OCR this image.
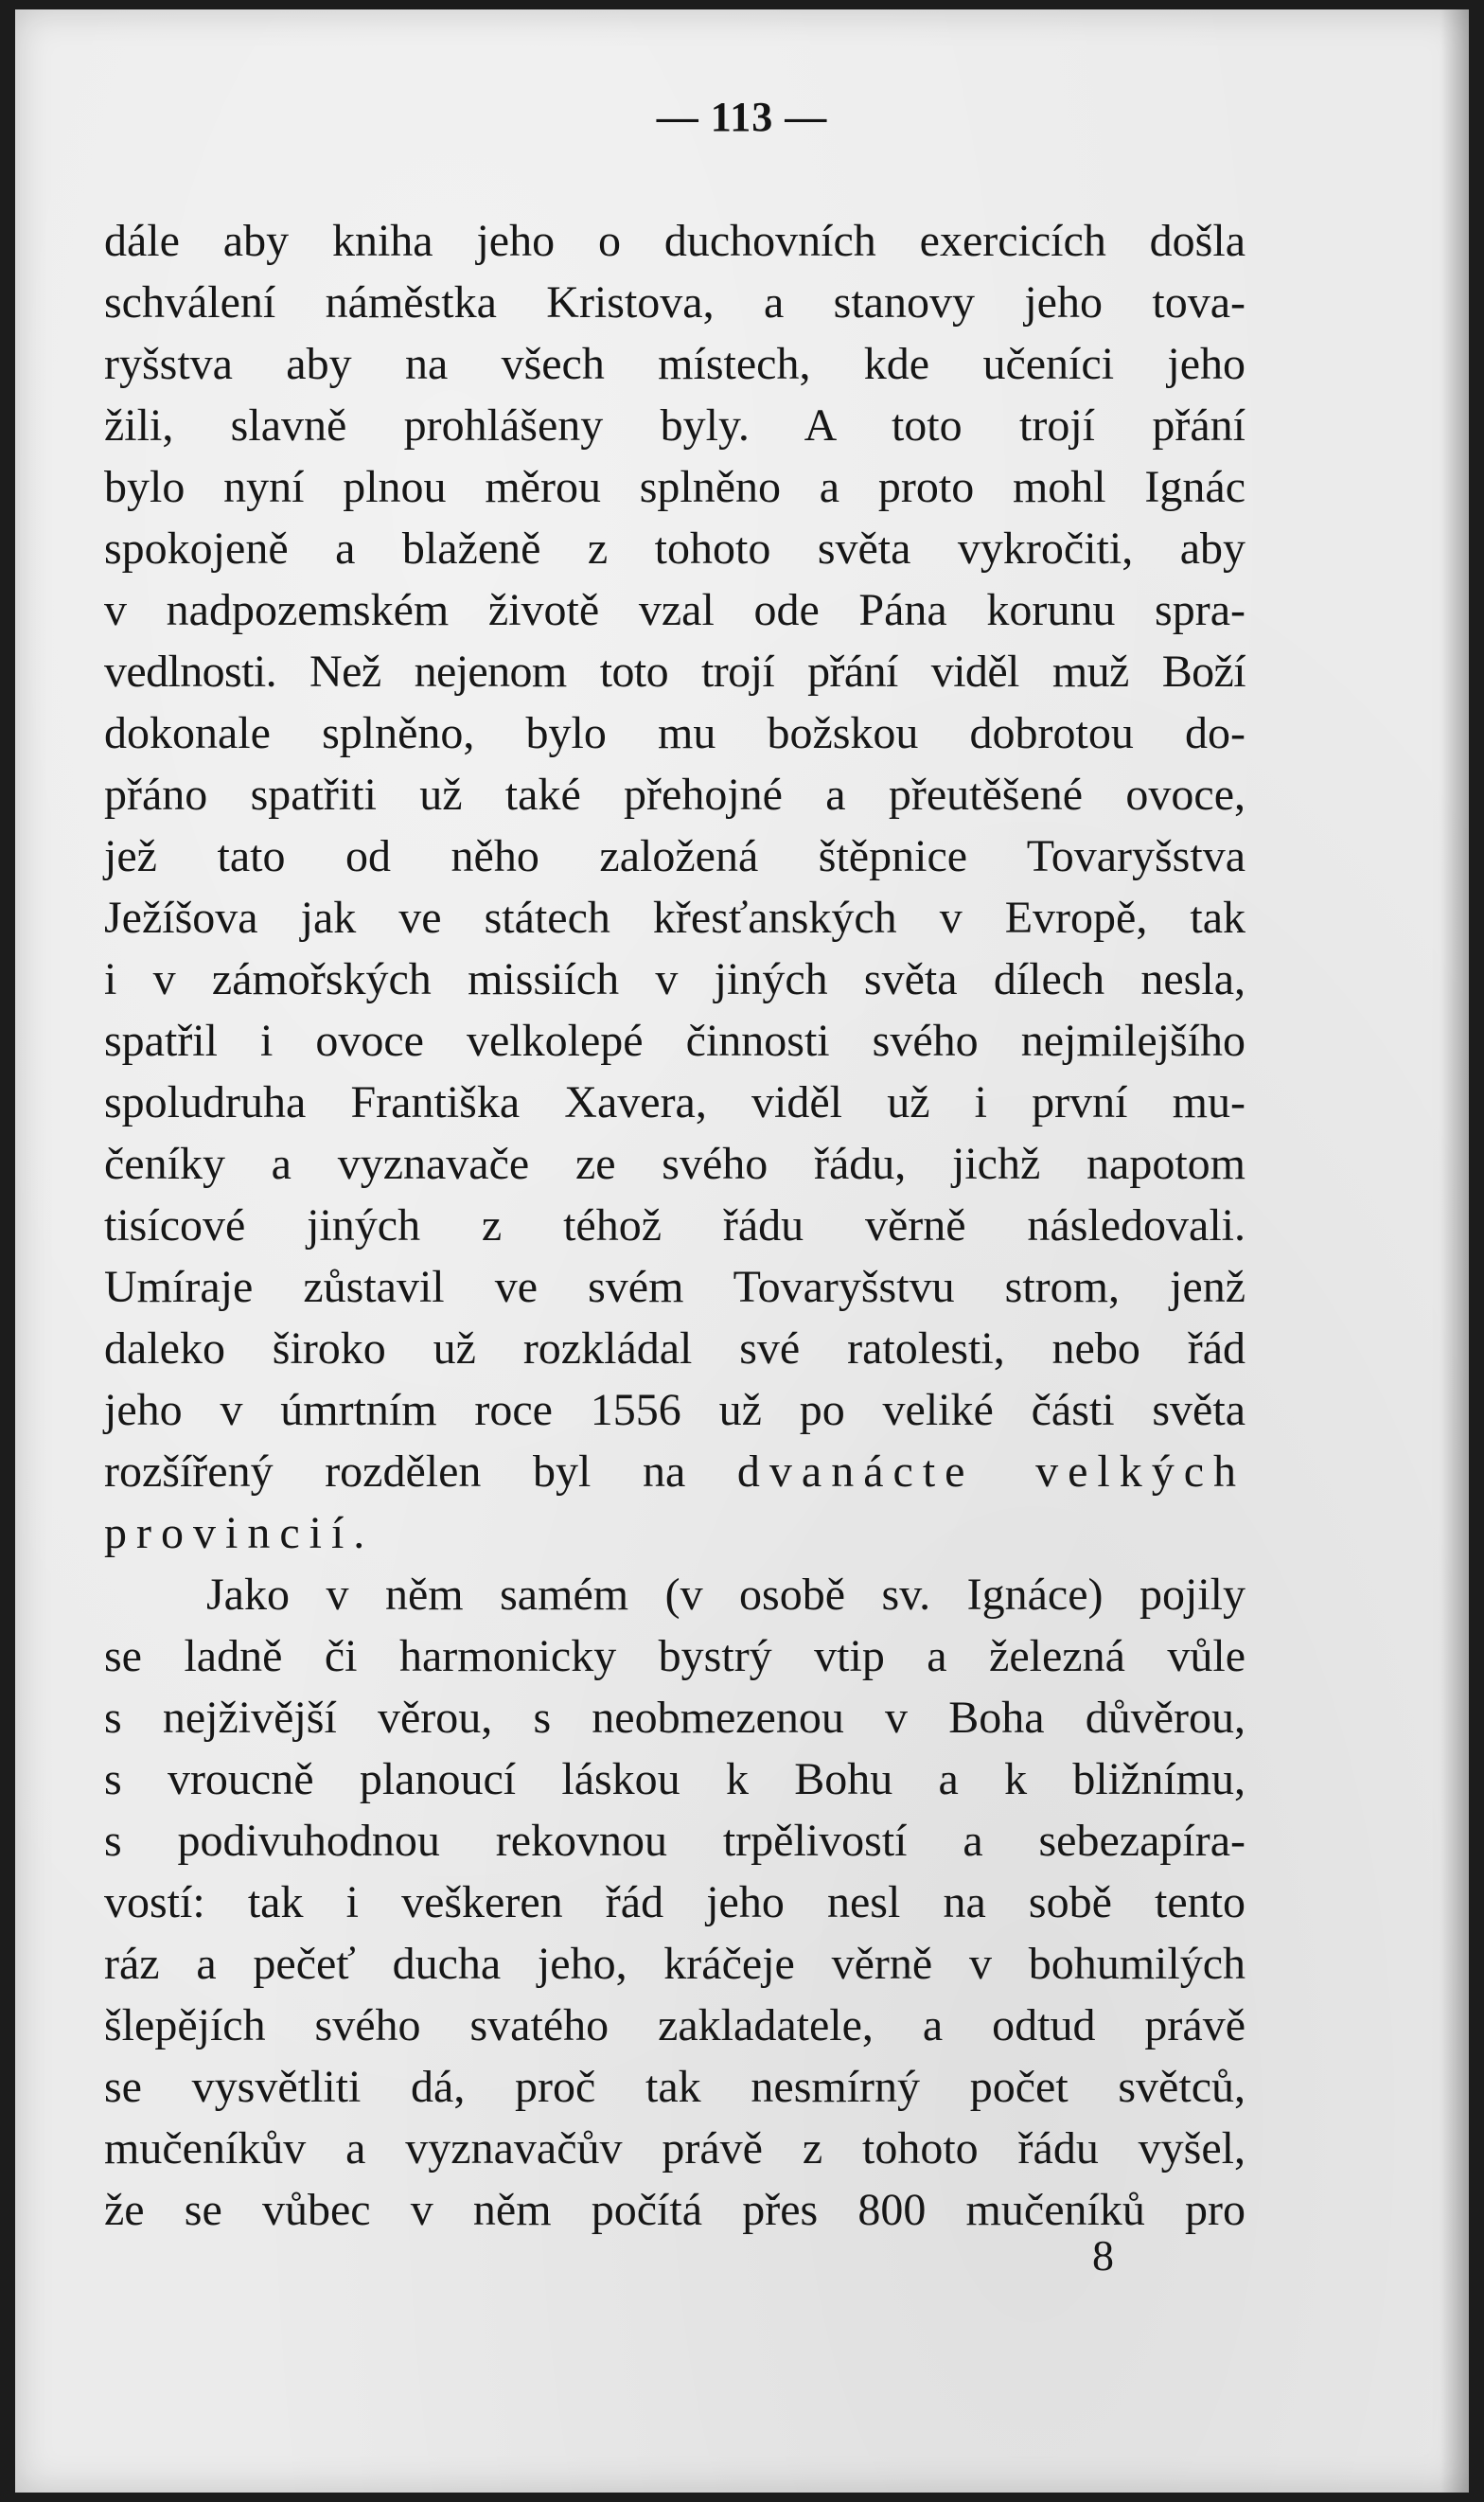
— 113 —
dále aby kniha jeho o duchovních exercicích došla
schválení náměstka Kristova, a stanovy jeho tova-
ryšstva aby na všech místech, kde učeníci jeho
žili, slavně prohlášeny byly. A toto trojí přání
bylo nyní plnou měrou splněno a proto mohl Ignác
spokojeně a blaženě z tohoto světa vykročiti, aby
v nadpozemském životě vzal ode Pána korunu spra-
vedlnosti. Než nejenom toto trojí přání viděl muž Boží
dokonale splněno, bylo mu božskou dobrotou do-
přáno spatřiti už také přehojné a přeutěšené ovoce,
jež tato od něho založená štěpnice Tovaryšstva
Ježíšova jak ve státech křesťanských v Evropě, tak
i v zámořských missiích v jiných světa dílech nesla,
spatřil i ovoce velkolepé činnosti svého nejmilejšího
spoludruha Františka Xavera, viděl už i první mu-
čeníky a vyznavače ze svého řádu, jichž napotom
tisícové jiných z téhož řádu věrně následovali.
Umíraje zůstavil ve svém Tovaryšstvu strom, jenž
daleko široko už rozkládal své ratolesti, nebo řád
jeho v úmrtním roce 1556 už po veliké části světa
rozšířený rozdělen byl na dvanácte velkých
provincií.
Jako v něm samém (v osobě sv. Ignáce) pojily
se ladně či harmonicky bystrý vtip a železná vůle
s nejživější věrou, s neobmezenou v Boha důvěrou,
s vroucně planoucí láskou k Bohu a k bližnímu,
s podivuhodnou rekovnou trpělivostí a sebezapíra-
vostí: tak i veškeren řád jeho nesl na sobě tento
ráz a pečeť ducha jeho, kráčeje věrně v bohumilých
šlepějích svého svatého zakladatele, a odtud právě
se vysvětliti dá, proč tak nesmírný počet světců,
mučeníkův a vyznavačův právě z tohoto řádu vyšel,
že se vůbec v něm počítá přes 800 mučeníků pro
8
